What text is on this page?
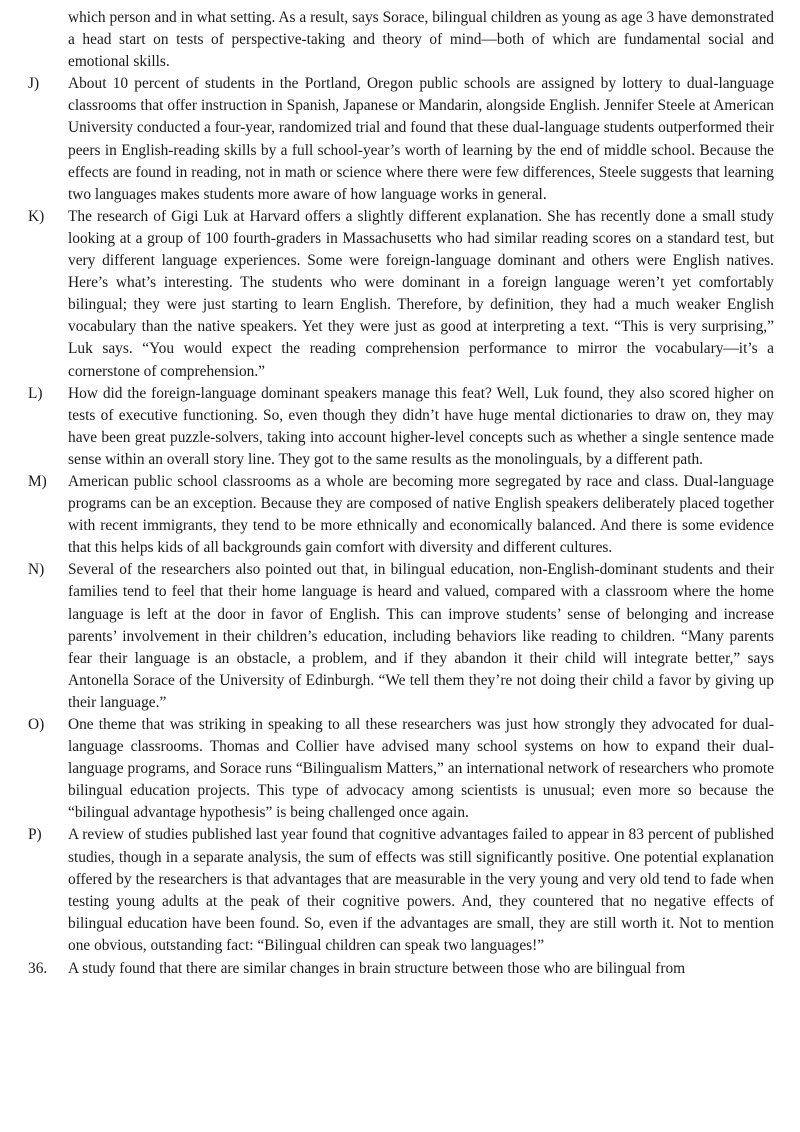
which person and in what setting. As a result, says Sorace, bilingual children as young as age 3 have demonstrated a head start on tests of perspective-taking and theory of mind—both of which are fundamental social and emotional skills.
J)	About 10 percent of students in the Portland, Oregon public schools are assigned by lottery to dual-language classrooms that offer instruction in Spanish, Japanese or Mandarin, alongside English. Jennifer Steele at American University conducted a four-year, randomized trial and found that these dual-language students outperformed their peers in English-reading skills by a full school-year’s worth of learning by the end of middle school. Because the effects are found in reading, not in math or science where there were few differences, Steele suggests that learning two languages makes students more aware of how language works in general.
K)	The research of Gigi Luk at Harvard offers a slightly different explanation. She has recently done a small study looking at a group of 100 fourth-graders in Massachusetts who had similar reading scores on a standard test, but very different language experiences. Some were foreign-language dominant and others were English natives. Here’s what’s interesting. The students who were dominant in a foreign language weren’t yet comfortably bilingual; they were just starting to learn English. Therefore, by definition, they had a much weaker English vocabulary than the native speakers. Yet they were just as good at interpreting a text. “This is very surprising,” Luk says. “You would expect the reading comprehension performance to mirror the vocabulary—it’s a cornerstone of comprehension.”
L)	How did the foreign-language dominant speakers manage this feat? Well, Luk found, they also scored higher on tests of executive functioning. So, even though they didn’t have huge mental dictionaries to draw on, they may have been great puzzle-solvers, taking into account higher-level concepts such as whether a single sentence made sense within an overall story line. They got to the same results as the monolinguals, by a different path.
M)	American public school classrooms as a whole are becoming more segregated by race and class. Dual-language programs can be an exception. Because they are composed of native English speakers deliberately placed together with recent immigrants, they tend to be more ethnically and economically balanced. And there is some evidence that this helps kids of all backgrounds gain comfort with diversity and different cultures.
N)	Several of the researchers also pointed out that, in bilingual education, non-English-dominant students and their families tend to feel that their home language is heard and valued, compared with a classroom where the home language is left at the door in favor of English. This can improve students’ sense of belonging and increase parents’ involvement in their children’s education, including behaviors like reading to children. “Many parents fear their language is an obstacle, a problem, and if they abandon it their child will integrate better,” says Antonella Sorace of the University of Edinburgh. “We tell them they’re not doing their child a favor by giving up their language.”
O)	One theme that was striking in speaking to all these researchers was just how strongly they advocated for dual-language classrooms. Thomas and Collier have advised many school systems on how to expand their dual-language programs, and Sorace runs “Bilingualism Matters,” an international network of researchers who promote bilingual education projects. This type of advocacy among scientists is unusual; even more so because the “bilingual advantage hypothesis” is being challenged once again.
P)	A review of studies published last year found that cognitive advantages failed to appear in 83 percent of published studies, though in a separate analysis, the sum of effects was still significantly positive. One potential explanation offered by the researchers is that advantages that are measurable in the very young and very old tend to fade when testing young adults at the peak of their cognitive powers. And, they countered that no negative effects of bilingual education have been found. So, even if the advantages are small, they are still worth it. Not to mention one obvious, outstanding fact: “Bilingual children can speak two languages!”
36.	A study found that there are similar changes in brain structure between those who are bilingual from
